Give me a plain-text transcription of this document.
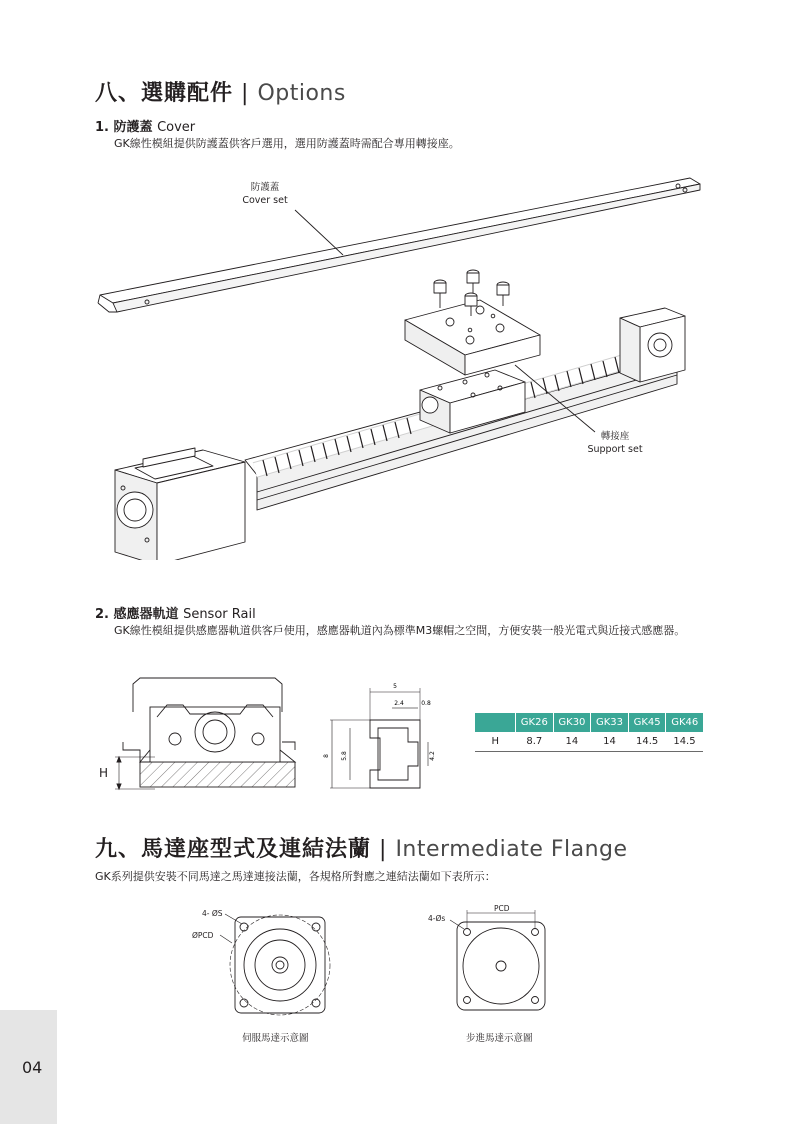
八、選購配件 | Options
1. 防護蓋 Cover
GK線性模組提供防護蓋供客戶選用，選用防護蓋時需配合專用轉接座。
防護蓋
Cover set
轉接座
Support set
2. 感應器軌道 Sensor Rail
GK線性模組提供感應器軌道供客戶使用，感應器軌道內為標準M3螺帽之空間，方便安裝一般光電式與近接式感應器。
H
5
2.4	0.8
8 5.8	4.2
	GK26	GK30	GK33	GK45	GK46
H	8.7	14	14	14.5	14.5
九、馬達座型式及連結法蘭 | Intermediate Flange
GK系列提供安裝不同馬達之馬達連接法蘭，各規格所對應之連結法蘭如下表所示：
4- ØS
ØPCD
伺服馬達示意圖
4-Øs
PCD
步進馬達示意圖
04
